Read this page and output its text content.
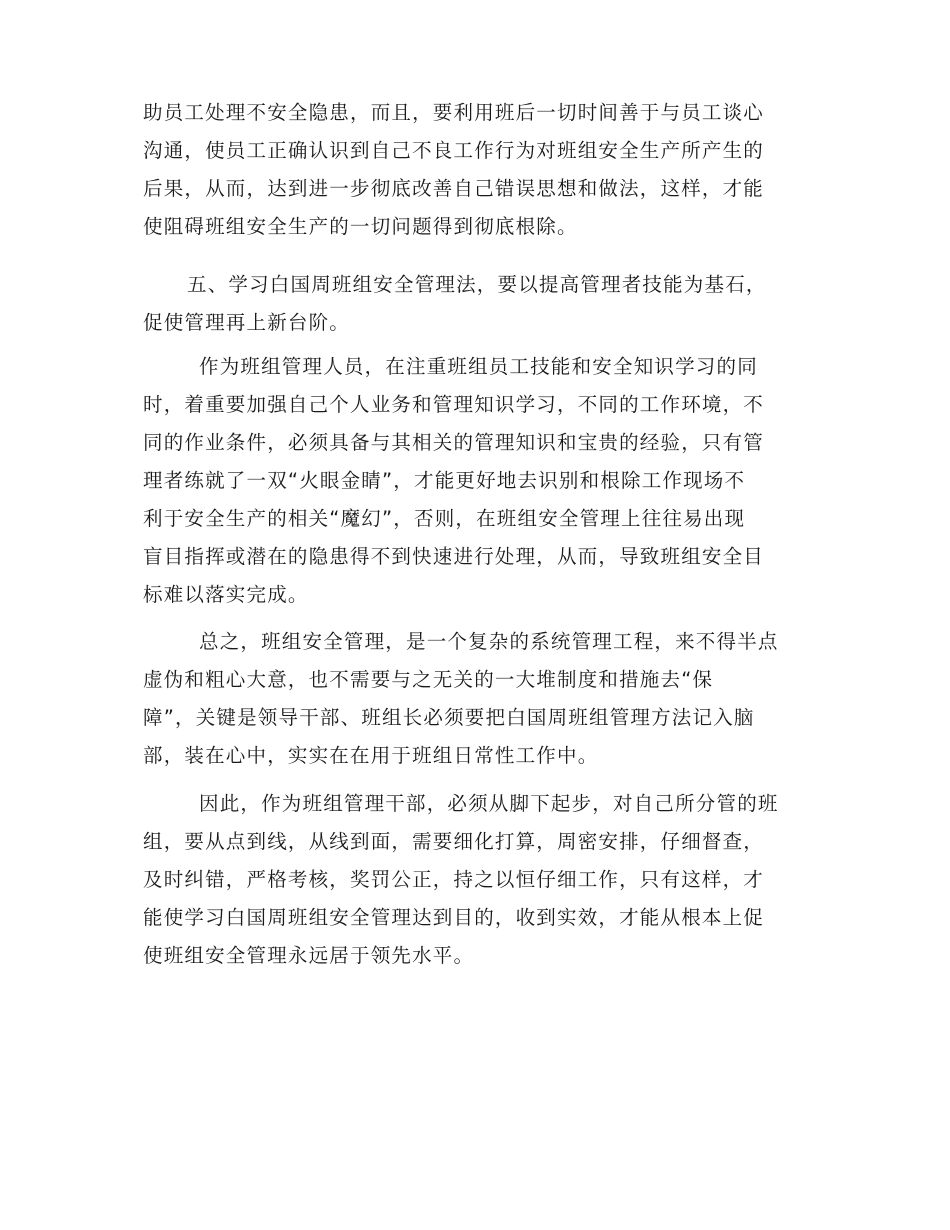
助员工处理不安全隐患，而且，要利用班后一切时间善于与员工谈心
沟通，使员工正确认识到自己不良工作行为对班组安全生产所产生的
后果，从而，达到进一步彻底改善自己错误思想和做法，这样，才能
使阻碍班组安全生产的一切问题得到彻底根除。
五、学习白国周班组安全管理法，要以提高管理者技能为基石，
促使管理再上新台阶。
作为班组管理人员，在注重班组员工技能和安全知识学习的同
时，着重要加强自己个人业务和管理知识学习，不同的工作环境，不
同的作业条件，必须具备与其相关的管理知识和宝贵的经验，只有管
理者练就了一双“火眼金睛”，才能更好地去识别和根除工作现场不
利于安全生产的相关“魔幻”，否则，在班组安全管理上往往易出现
盲目指挥或潜在的隐患得不到快速进行处理，从而，导致班组安全目
标难以落实完成。
总之，班组安全管理，是一个复杂的系统管理工程，来不得半点
虚伪和粗心大意，也不需要与之无关的一大堆制度和措施去“保
障”，关键是领导干部、班组长必须要把白国周班组管理方法记入脑
部，装在心中，实实在在用于班组日常性工作中。
因此，作为班组管理干部，必须从脚下起步，对自己所分管的班
组，要从点到线，从线到面，需要细化打算，周密安排，仔细督查，
及时纠错，严格考核，奖罚公正，持之以恒仔细工作，只有这样，才
能使学习白国周班组安全管理达到目的，收到实效，才能从根本上促
使班组安全管理永远居于领先水平。
